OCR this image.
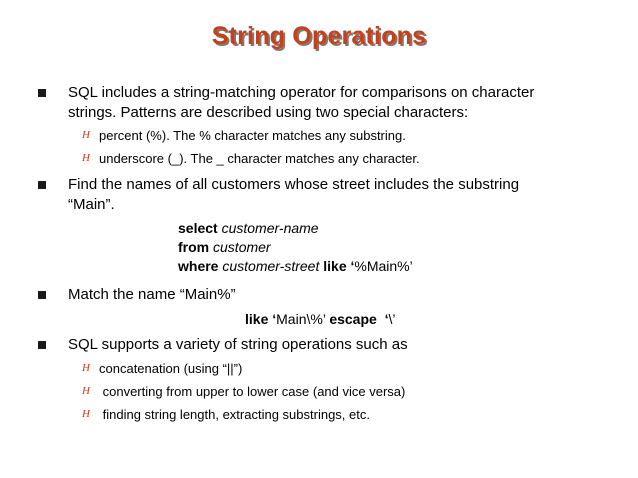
String Operations
SQL includes a string-matching operator for comparisons on character
strings. Patterns are described using two special characters:
H percent (%). The % character matches any substring.
H underscore (_). The _ character matches any character.
Find the names of all customers whose street includes the substring
“Main”.
select customer-name
from customer
where customer-street like ‘%Main%’
Match the name “Main%”
like ‘Main\%’ escape ‘\’
SQL supports a variety of string operations such as
H concatenation (using “||”)
H converting from upper to lower case (and vice versa)
H finding string length, extracting substrings, etc.
